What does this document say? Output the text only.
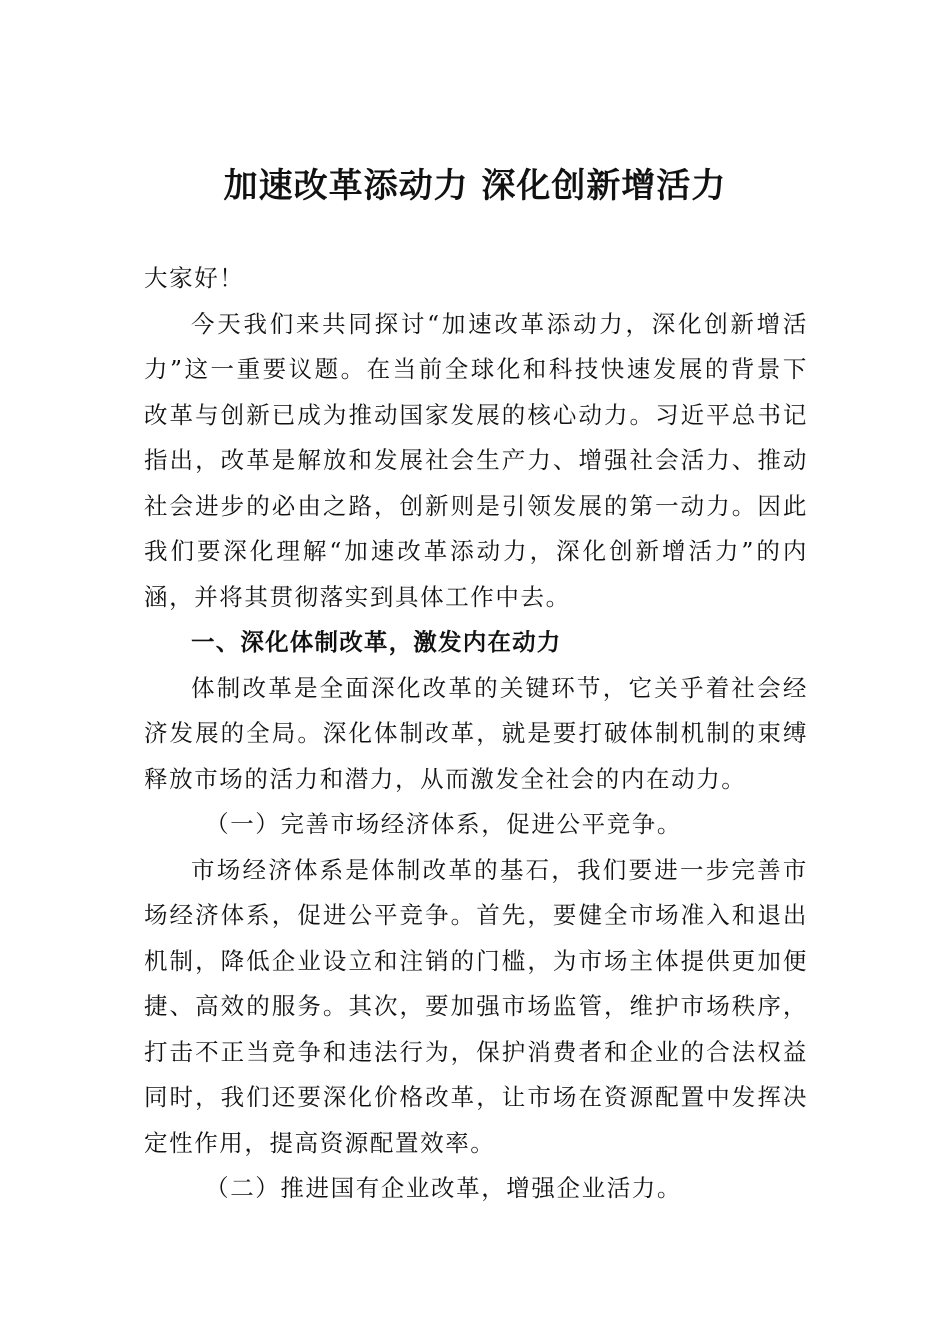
加速改革添动力 深化创新增活力

大家好！

今天我们来共同探讨“加速改革添动力，深化创新增活力”这一重要议题。在当前全球化和科技快速发展的背景下改革与创新已成为推动国家发展的核心动力。习近平总书记指出，改革是解放和发展社会生产力、增强社会活力、推动社会进步的必由之路，创新则是引领发展的第一动力。因此我们要深化理解“加速改革添动力，深化创新增活力”的内涵，并将其贯彻落实到具体工作中去。

一、深化体制改革，激发内在动力

体制改革是全面深化改革的关键环节，它关乎着社会经济发展的全局。深化体制改革，就是要打破体制机制的束缚释放市场的活力和潜力，从而激发全社会的内在动力。

（一）完善市场经济体系，促进公平竞争。

市场经济体系是体制改革的基石，我们要进一步完善市场经济体系，促进公平竞争。首先，要健全市场准入和退出机制，降低企业设立和注销的门槛，为市场主体提供更加便捷、高效的服务。其次，要加强市场监管，维护市场秩序，打击不正当竞争和违法行为，保护消费者和企业的合法权益同时，我们还要深化价格改革，让市场在资源配置中发挥决定性作用，提高资源配置效率。

（二）推进国有企业改革，增强企业活力。
